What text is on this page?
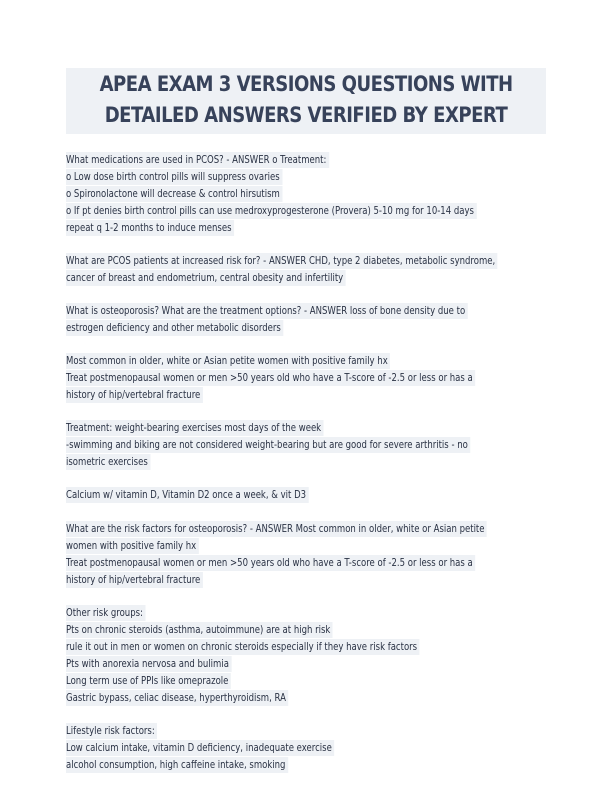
APEA EXAM 3 VERSIONS QUESTIONS WITH
DETAILED ANSWERS VERIFIED BY EXPERT
What medications are used in PCOS? - ANSWER o Treatment:
o Low dose birth control pills will suppress ovaries
o Spironolactone will decrease & control hirsutism
o If pt denies birth control pills can use medroxyprogesterone (Provera) 5-10 mg for 10-14 days
repeat q 1-2 months to induce menses
What are PCOS patients at increased risk for? - ANSWER CHD, type 2 diabetes, metabolic syndrome,
cancer of breast and endometrium, central obesity and infertility
What is osteoporosis? What are the treatment options? - ANSWER loss of bone density due to
estrogen deficiency and other metabolic disorders
Most common in older, white or Asian petite women with positive family hx
Treat postmenopausal women or men >50 years old who have a T-score of -2.5 or less or has a
history of hip/vertebral fracture
Treatment: weight-bearing exercises most days of the week
-swimming and biking are not considered weight-bearing but are good for severe arthritis - no
isometric exercises
Calcium w/ vitamin D, Vitamin D2 once a week, & vit D3
What are the risk factors for osteoporosis? - ANSWER Most common in older, white or Asian petite
women with positive family hx
Treat postmenopausal women or men >50 years old who have a T-score of -2.5 or less or has a
history of hip/vertebral fracture
Other risk groups:
Pts on chronic steroids (asthma, autoimmune) are at high risk
rule it out in men or women on chronic steroids especially if they have risk factors
Pts with anorexia nervosa and bulimia
Long term use of PPIs like omeprazole
Gastric bypass, celiac disease, hyperthyroidism, RA
Lifestyle risk factors:
Low calcium intake, vitamin D deficiency, inadequate exercise
alcohol consumption, high caffeine intake, smoking
